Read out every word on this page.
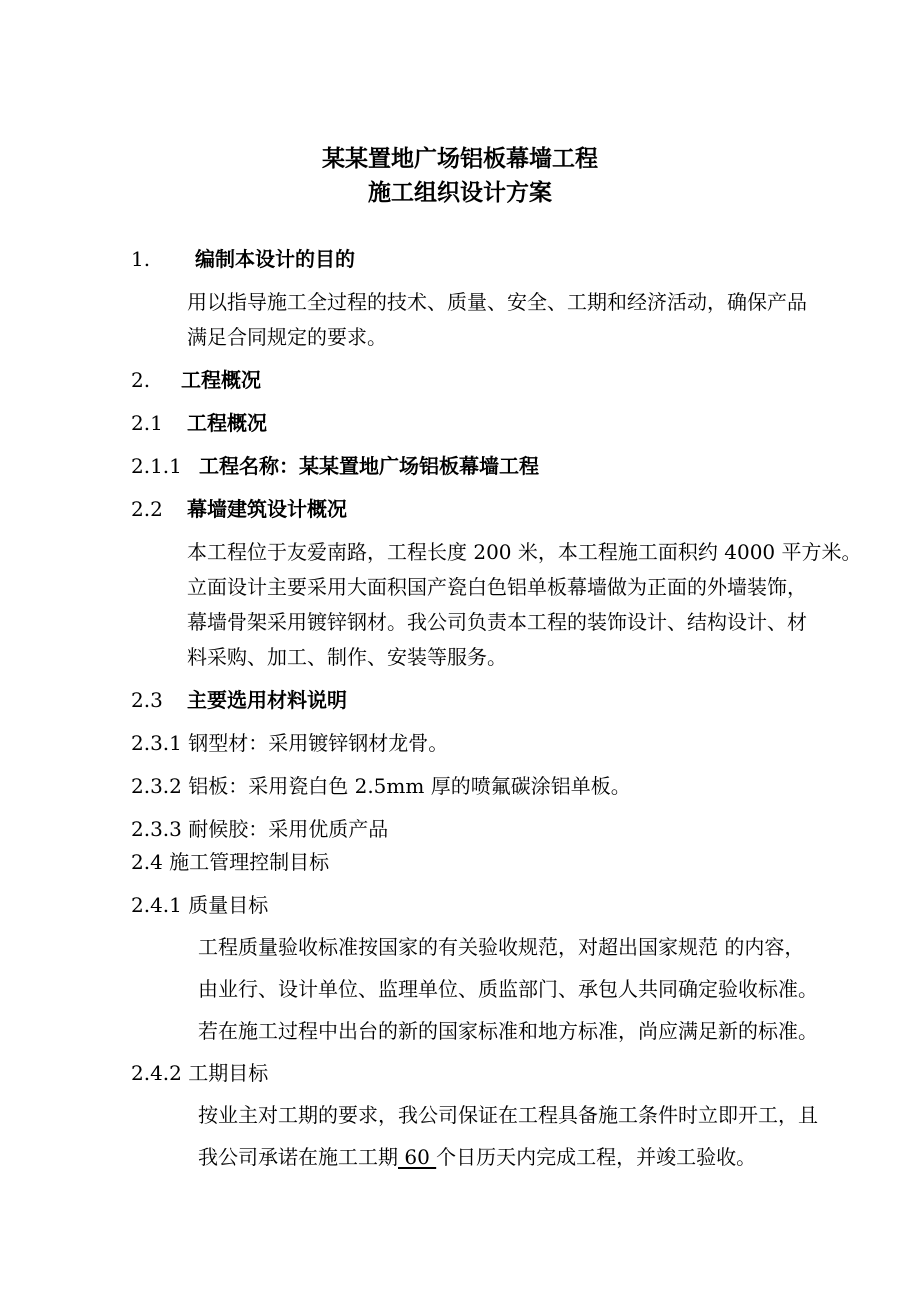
某某置地广场铝板幕墙工程
施工组织设计方案
1. 编制本设计的目的
用以指导施工全过程的技术、质量、安全、工期和经济活动，确保产品
满足合同规定的要求。
2. 工程概况
2.1 工程概况
2.1.1 工程名称：某某置地广场铝板幕墙工程
2.2 幕墙建筑设计概况
本工程位于友爱南路，工程长度 200 米，本工程施工面积约 4000 平方米。
立面设计主要采用大面积国产瓷白色铝单板幕墙做为正面的外墙装饰，
幕墙骨架采用镀锌钢材。我公司负责本工程的装饰设计、结构设计、材
料采购、加工、制作、安装等服务。
2.3 主要选用材料说明
2.3.1 钢型材：采用镀锌钢材龙骨。
2.3.2 铝板：采用瓷白色 2.5mm 厚的喷氟碳涂铝单板。
2.3.3 耐候胶：采用优质产品
2.4 施工管理控制目标
2.4.1 质量目标
工程质量验收标准按国家的有关验收规范，对超出国家规范 的内容，
由业行、设计单位、监理单位、质监部门、承包人共同确定验收标准。
若在施工过程中出台的新的国家标准和地方标准，尚应满足新的标准。
2.4.2 工期目标
按业主对工期的要求，我公司保证在工程具备施工条件时立即开工，且
我公司承诺在施工工期 60 个日历天内完成工程，并竣工验收。
